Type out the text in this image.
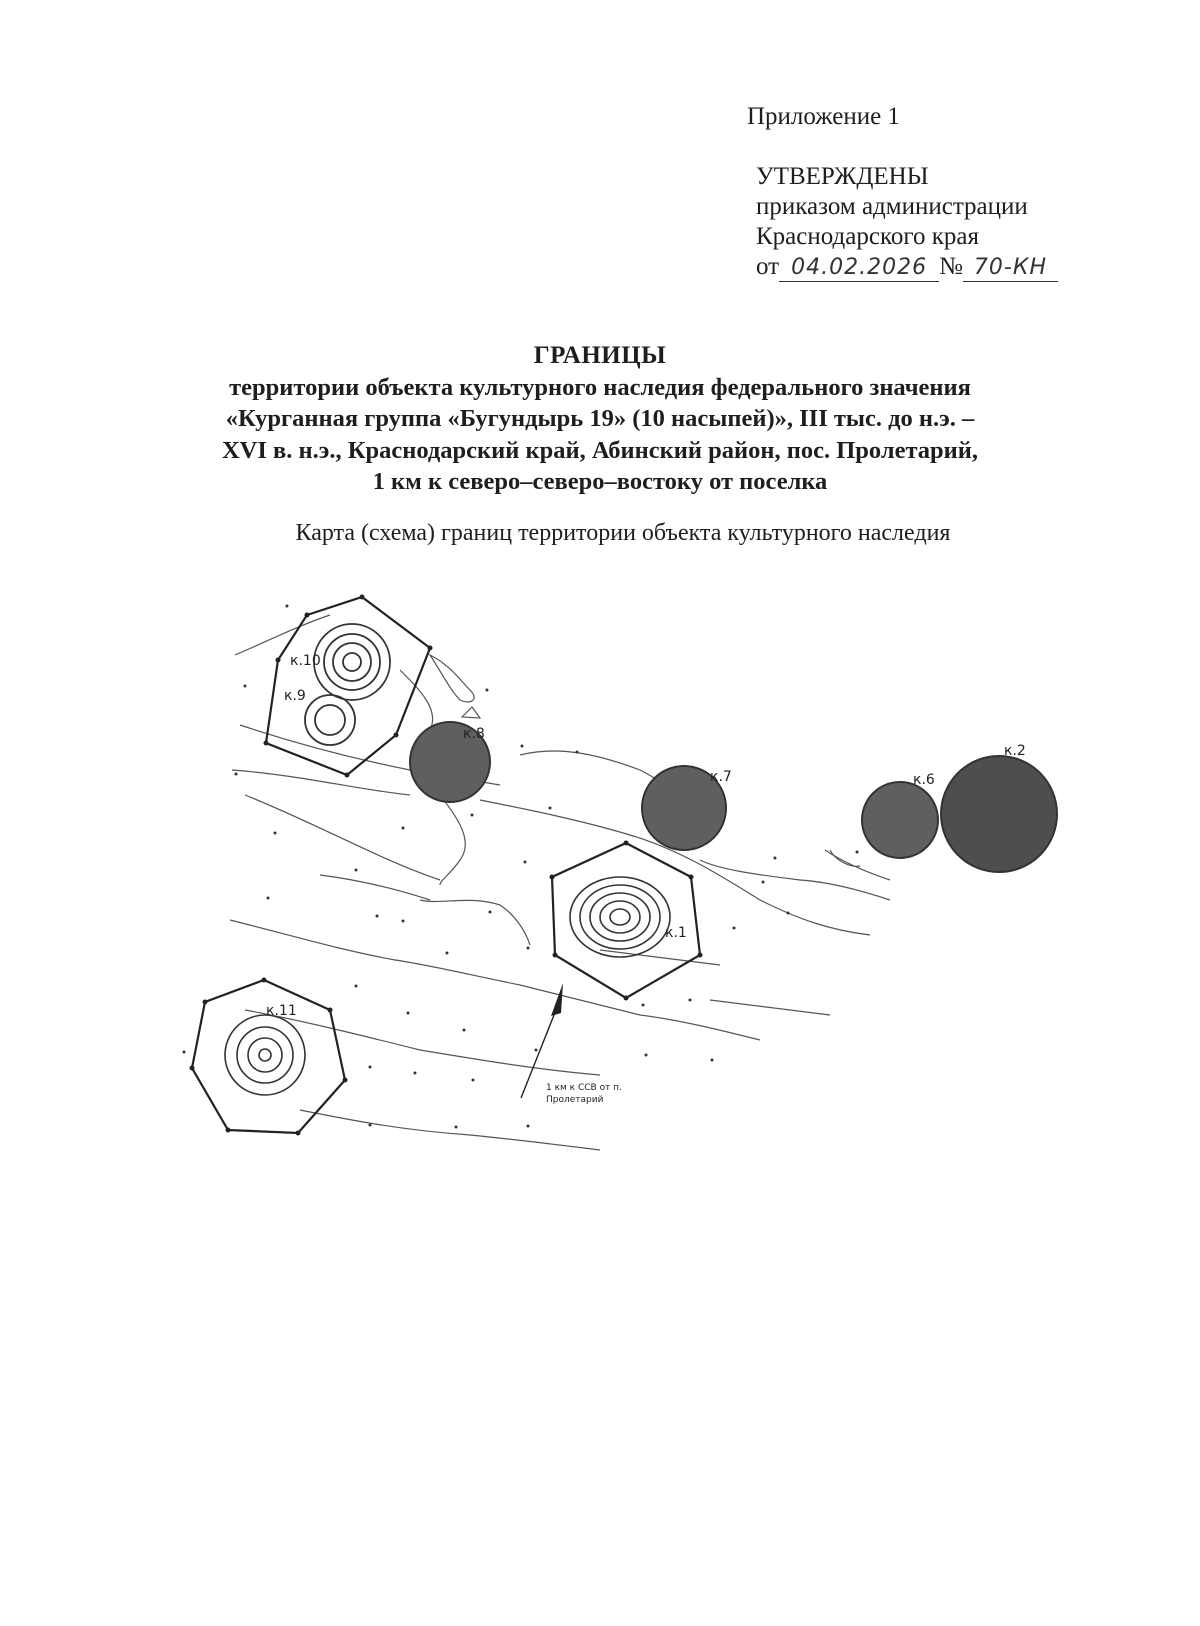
Приложение 1
УТВЕРЖДЕНЫ
приказом администрации
Краснодарского края
от 04.02.2026 № 70-КН
ГРАНИЦЫ
территории объекта культурного наследия федерального значения
«Курганная группа «Бугундырь 19» (10 насыпей)», III тыс. до н.э. –
XVI в. н.э., Краснодарский край, Абинский район, пос. Пролетарий,
1 км к северо–северо–востоку от поселка
Карта (схема) границ территории объекта культурного наследия
к.10
к.9
к.8
к.7	к.6
к.2
к.1
к.11
1 км к ССВ от п.
Пролетарий
